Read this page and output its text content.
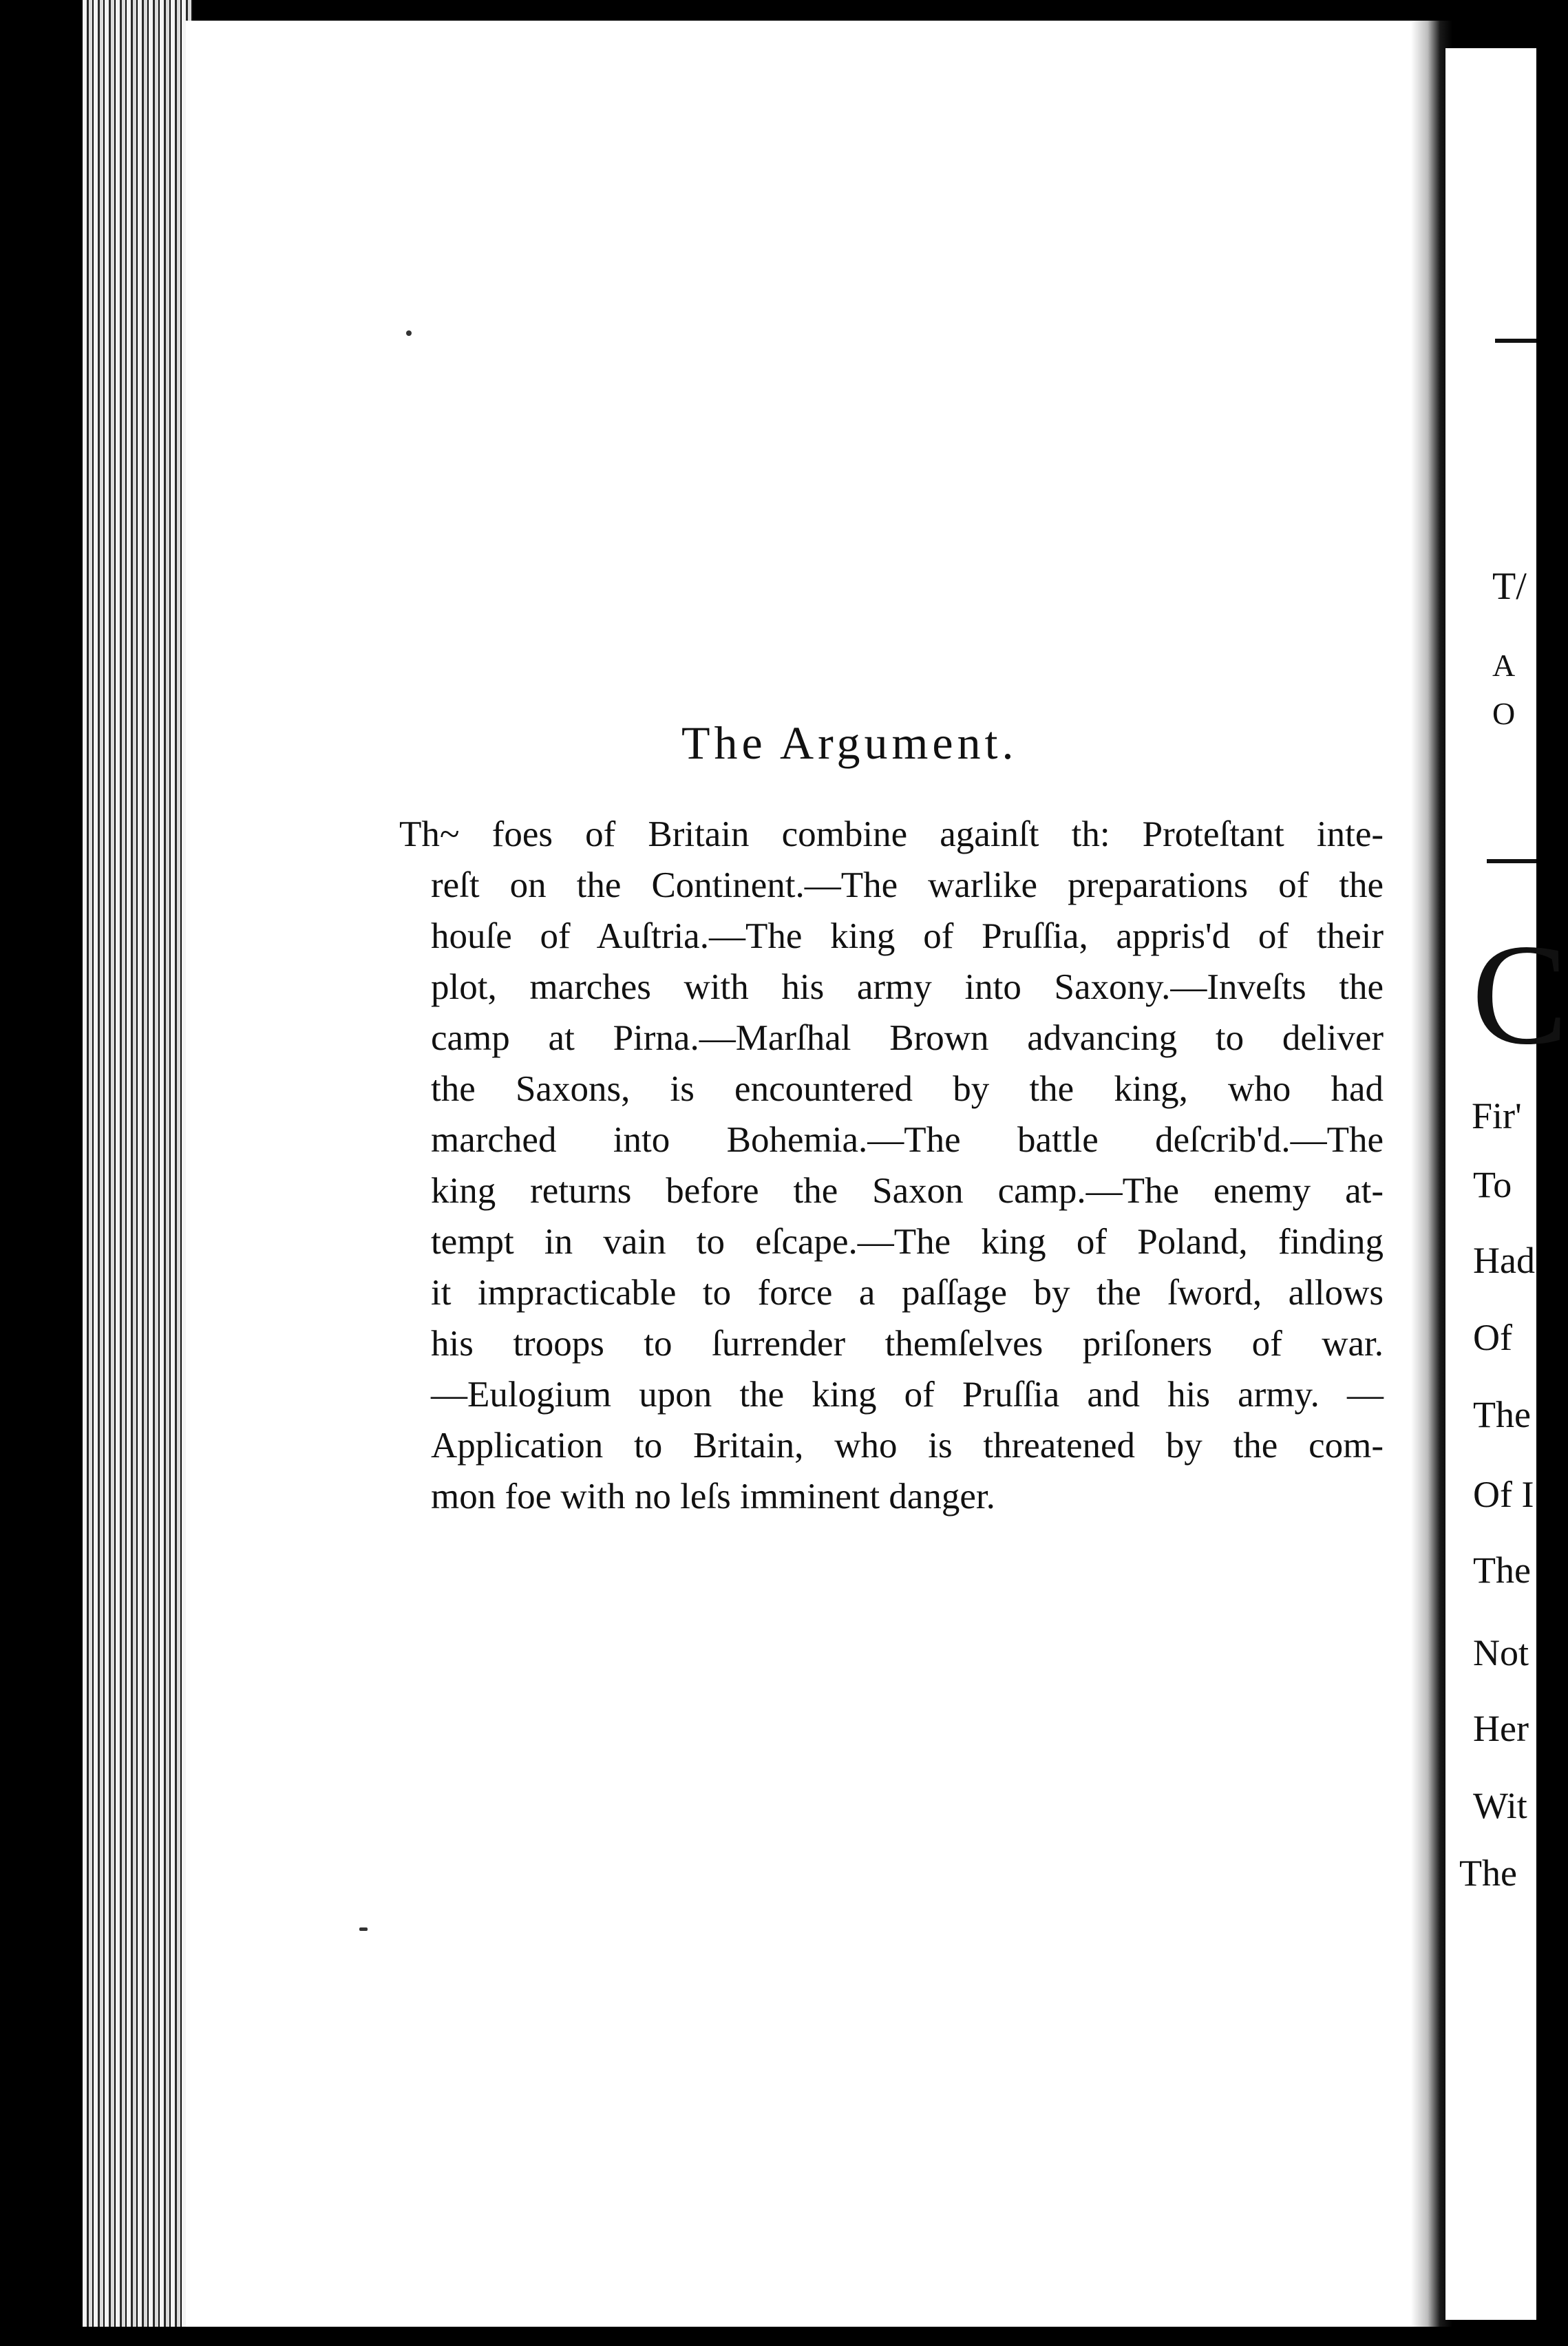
The Argument.
Th~ foes of Britain combine againſt th: Proteſtant inte-
reſt on the Continent.—The warlike preparations of the
houſe of Auſtria.—The king of Pruſſia, appris'd of their
plot, marches with his army into Saxony.—Inveſts the
camp at Pirna.—Marſhal Brown advancing to deliver
the Saxons, is encountered by the king, who had
marched into Bohemia.—The battle deſcrib'd.—The
king returns before the Saxon camp.—The enemy at-
tempt in vain to eſcape.—The king of Poland, finding
it impracticable to force a paſſage by the ſword, allows
his troops to ſurrender themſelves priſoners of war.
—Eulogium upon the king of Pruſſia and his army. —
Application to Britain, who is threatened by the com-
mon foe with no leſs imminent danger.
T/
A
O
C
Fir'
To
Had
Of
The
Of I
The
Not
Her
Wit
The
